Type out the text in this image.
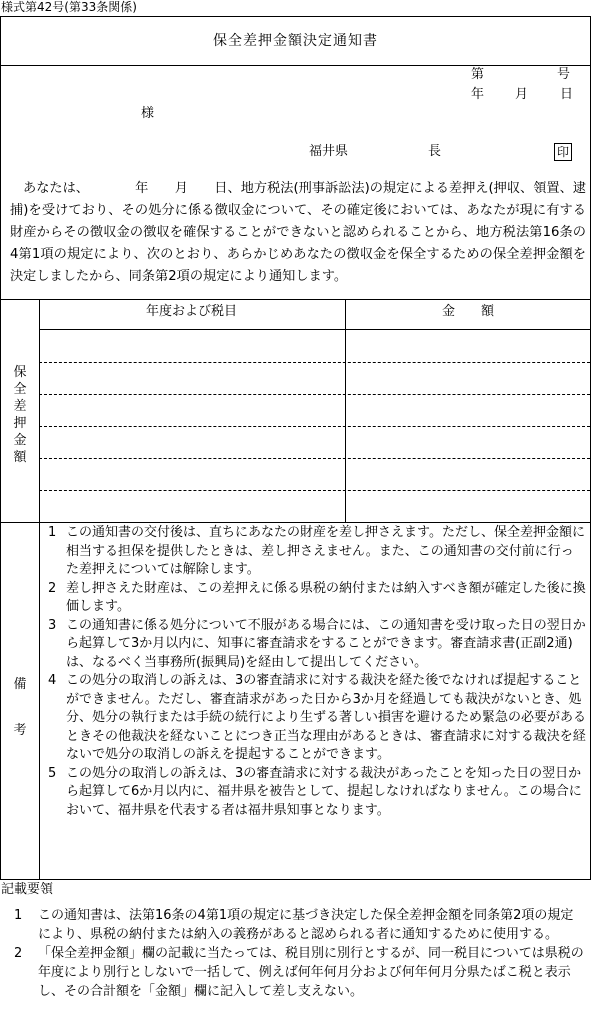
様式第42号(第33条関係)
保全差押金額決定通知書
第	号
年 月 日
様
福井県	長	印

あなたは、　　　　年　　月　　日、地方税法(刑事訴訟法)の規定による差押え(押収、領置、逮捕)を受けており、その処分に係る徴収金について、その確定後においては、あなたが現に有する財産からその徴収金の徴収を確保することができないと認められることから、地方税法第16条の4第1項の規定により、次のとおり、あらかじめあなたの徴収金を保全するための保全差押金額を決定しましたから、同条第2項の規定により通知します。

保
全
差
押
金
額
年度および税目	金　　額
備
考
1 この通知書の交付後は、直ちにあなたの財産を差し押さえます。ただし、保全差押金額に相当する担保を提供したときは、差し押さえません。また、この通知書の交付前に行った差押えについては解除します。
2 差し押さえた財産は、この差押えに係る県税の納付または納入すべき額が確定した後に換価します。
3 この通知書に係る処分について不服がある場合には、この通知書を受け取った日の翌日から起算して3か月以内に、知事に審査請求をすることができます。審査請求書(正副2通)は、なるべく当事務所(振興局)を経由して提出してください。
4 この処分の取消しの訴えは、3の審査請求に対する裁決を経た後でなければ提起することができません。ただし、審査請求があった日から3か月を経過しても裁決がないとき、処分、処分の執行または手続の続行により生ずる著しい損害を避けるため緊急の必要があるときその他裁決を経ないことにつき正当な理由があるときは、審査請求に対する裁決を経ないで処分の取消しの訴えを提起することができます。
5 この処分の取消しの訴えは、3の審査請求に対する裁決があったことを知った日の翌日から起算して6か月以内に、福井県を被告として、提起しなければなりません。この場合において、福井県を代表する者は福井県知事となります。
記載要領
1 この通知書は、法第16条の4第1項の規定に基づき決定した保全差押金額を同条第2項の規定により、県税の納付または納入の義務があると認められる者に通知するために使用する。
2 「保全差押金額」欄の記載に当たっては、税目別に別行とするが、同一税目については県税の年度により別行としないで一括して、例えば何年何月分および何年何月分県たばこ税と表示し、その合計額を「金額」欄に記入して差し支えない。
